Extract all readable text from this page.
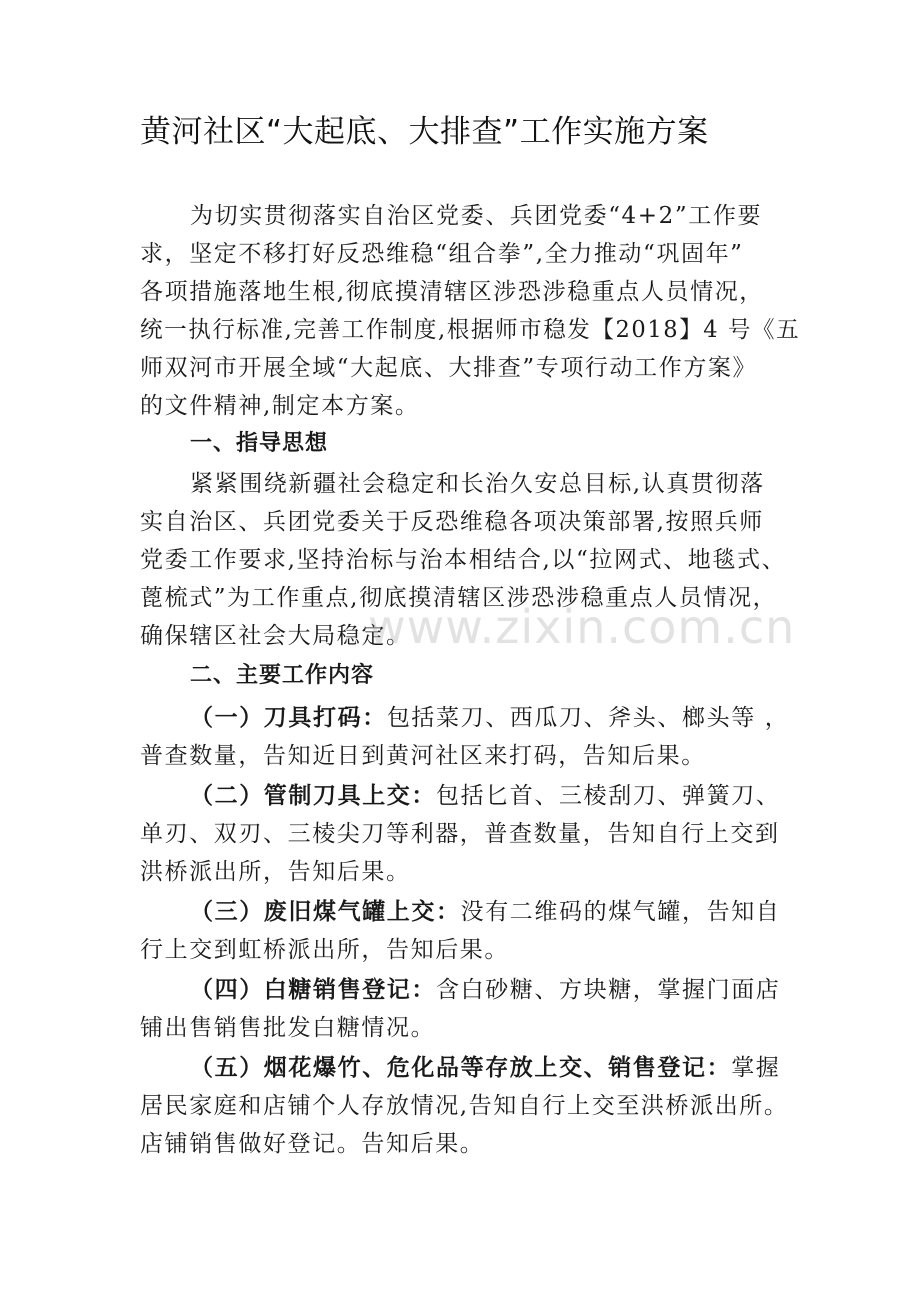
黄河社区“大起底、大排查”工作实施方案
为切实贯彻落实自治区党委、兵团党委“4+2”工作要
求，坚定不移打好反恐维稳“组合拳”,全力推动“巩固年”
各项措施落地生根,彻底摸清辖区涉恐涉稳重点人员情况，
统一执行标准,完善工作制度,根据师市稳发【2018】4 号《五
师双河市开展全域“大起底、大排查”专项行动工作方案》
的文件精神,制定本方案。
一、指导思想
紧紧围绕新疆社会稳定和长治久安总目标,认真贯彻落
实自治区、兵团党委关于反恐维稳各项决策部署,按照兵师
党委工作要求,坚持治标与治本相结合,以“拉网式、地毯式、
蓖梳式”为工作重点,彻底摸清辖区涉恐涉稳重点人员情况，
确保辖区社会大局稳定。
二、主要工作内容
（一）刀具打码：包括菜刀、西瓜刀、斧头、榔头等 ，
普查数量，告知近日到黄河社区来打码，告知后果。
（二）管制刀具上交：包括匕首、三棱刮刀、弹簧刀、
单刃、双刃、三棱尖刀等利器，普查数量，告知自行上交到
洪桥派出所，告知后果。
（三）废旧煤气罐上交：没有二维码的煤气罐，告知自
行上交到虹桥派出所，告知后果。
（四）白糖销售登记：含白砂糖、方块糖，掌握门面店
铺出售销售批发白糖情况。
（五）烟花爆竹、危化品等存放上交、销售登记：掌握
居民家庭和店铺个人存放情况,告知自行上交至洪桥派出所。
店铺销售做好登记。告知后果。
www.zixin.com.cn
